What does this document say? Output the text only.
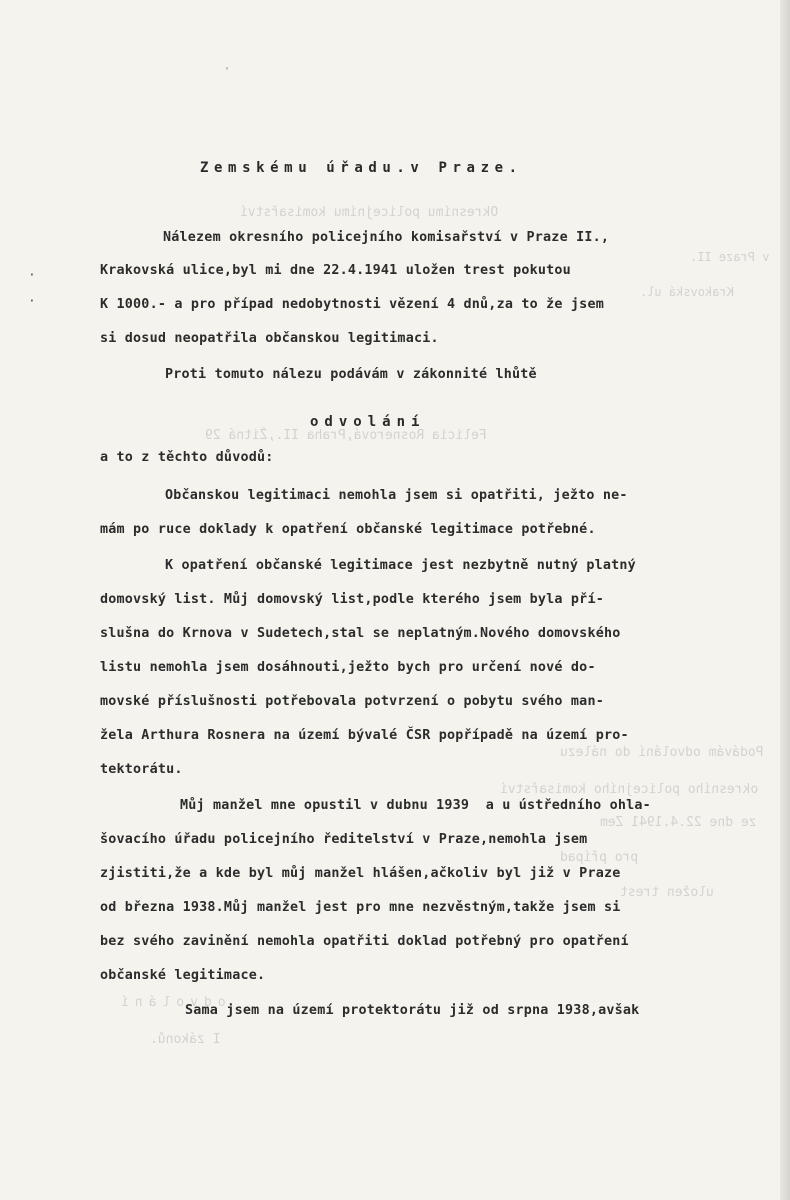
Okresnímu policejnímu komisařství
v Praze II.
Krakovská ul.
Felicia Rosnerová,Praha II.,Žitná 29
Podávám odvolání do nálezu
okresního policejního komisařství
ze dne 22.4.1941 Zem
pro případ
uložen trest
odvolání
I zákonů.
·
·
'
Zemskému úřadu.v Praze.
Nálezem okresního policejního komisařství v Praze II.,
Krakovská ulice,byl mi dne 22.4.1941 uložen trest pokutou
K 1000.- a pro případ nedobytnosti vězení 4 dnů,za to že jsem
si dosud neopatřila občanskou legitimaci.
Proti tomuto nálezu podávám v zákonnité lhůtě
odvolání
a to z těchto důvodů:
Občanskou legitimaci nemohla jsem si opatřiti, ježto ne-
mám po ruce doklady k opatření občanské legitimace potřebné.
K opatření občanské legitimace jest nezbytně nutný platný
domovský list. Můj domovský list,podle kterého jsem byla pří-
slušna do Krnova v Sudetech,stal se neplatným.Nového domovského
listu nemohla jsem dosáhnouti,ježto bych pro určení nové do-
movské příslušnosti potřebovala potvrzení o pobytu svého man-
žela Arthura Rosnera na území bývalé ČSR popřípadě na území pro-
tektorátu.
Můj manžel mne opustil v dubnu 1939  a u ústředního ohla-
šovacího úřadu policejního ředitelství v Praze,nemohla jsem
zjistiti,že a kde byl můj manžel hlášen,ačkoliv byl již v Praze
od března 1938.Můj manžel jest pro mne nezvěstným,takže jsem si
bez svého zavinění nemohla opatřiti doklad potřebný pro opatření
občanské legitimace.
Sama jsem na území protektorátu již od srpna 1938,avšak
